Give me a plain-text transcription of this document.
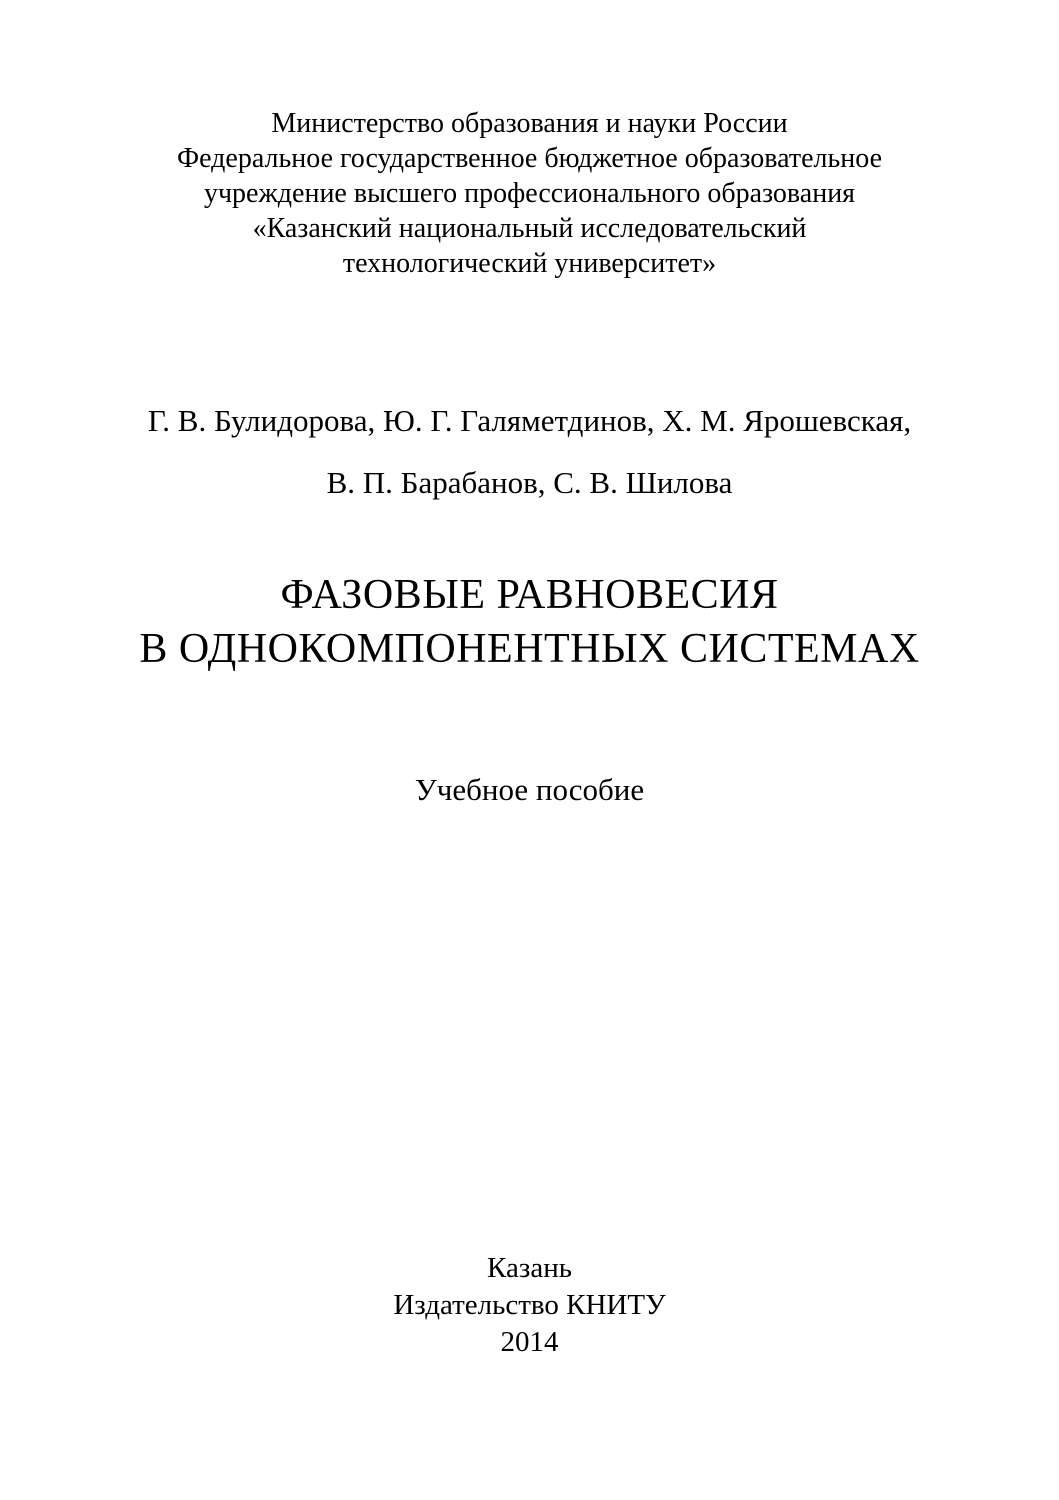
Министерство образования и науки России
Федеральное государственное бюджетное образовательное
учреждение высшего профессионального образования
«Казанский национальный исследовательский
технологический университет»
Г. В. Булидорова, Ю. Г. Галяметдинов, Х. М. Ярошевская,
В. П. Барабанов, С. В. Шилова
ФАЗОВЫЕ РАВНОВЕСИЯ
В ОДНОКОМПОНЕНТНЫХ СИСТЕМАХ
Учебное пособие
Казань
Издательство КНИТУ
2014
